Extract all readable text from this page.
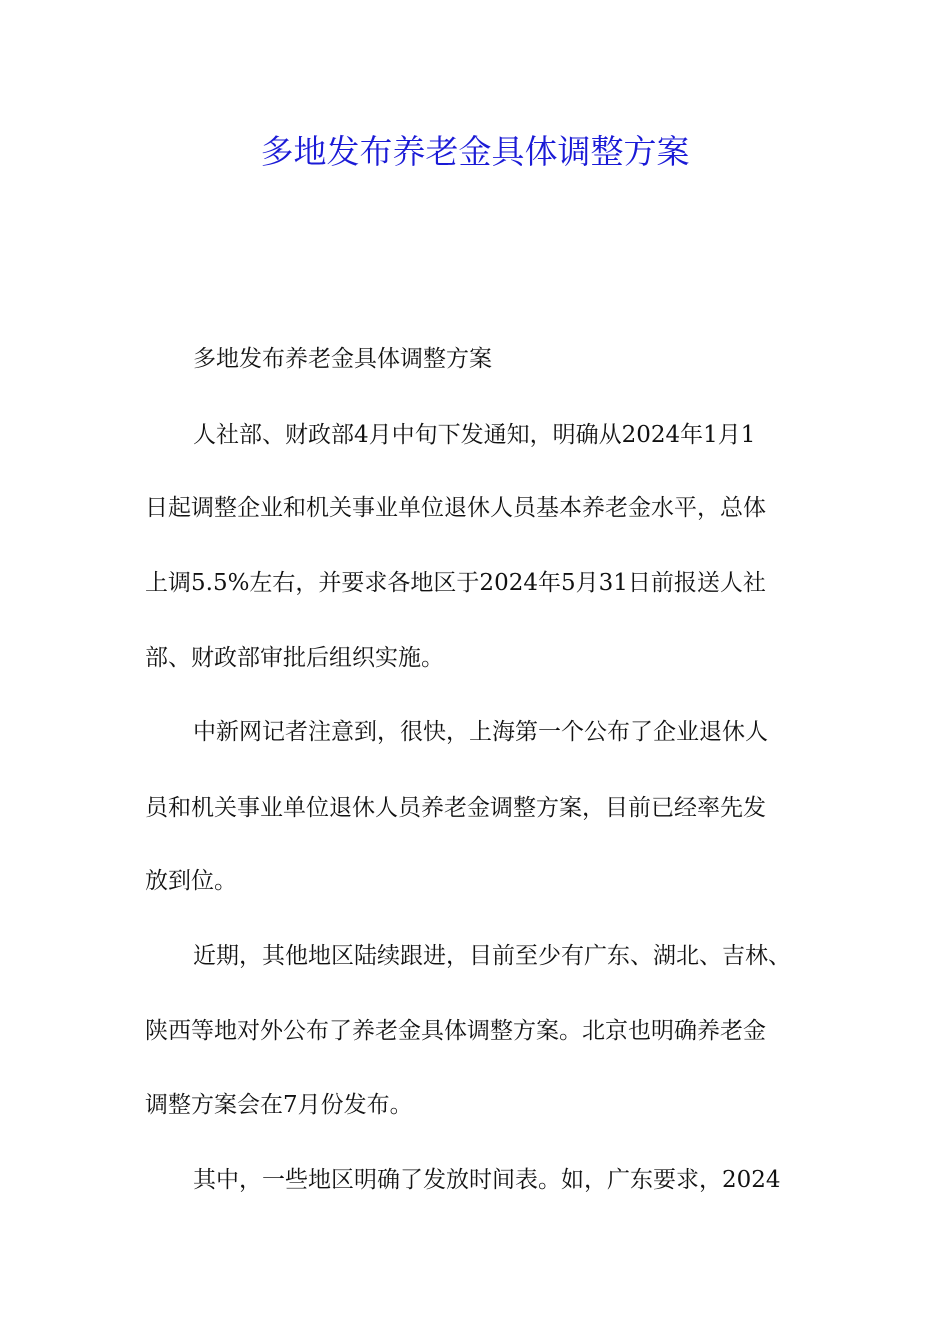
多地发布养老金具体调整方案
多地发布养老金具体调整方案
人社部、财政部4月中旬下发通知，明确从2024年1月1
日起调整企业和机关事业单位退休人员基本养老金水平，总体
上调5.5%左右，并要求各地区于2024年5月31日前报送人社
部、财政部审批后组织实施。
中新网记者注意到，很快，上海第一个公布了企业退休人
员和机关事业单位退休人员养老金调整方案，目前已经率先发
放到位。
近期，其他地区陆续跟进，目前至少有广东、湖北、吉林、
陕西等地对外公布了养老金具体调整方案。北京也明确养老金
调整方案会在7月份发布。
其中，一些地区明确了发放时间表。如，广东要求，2024
